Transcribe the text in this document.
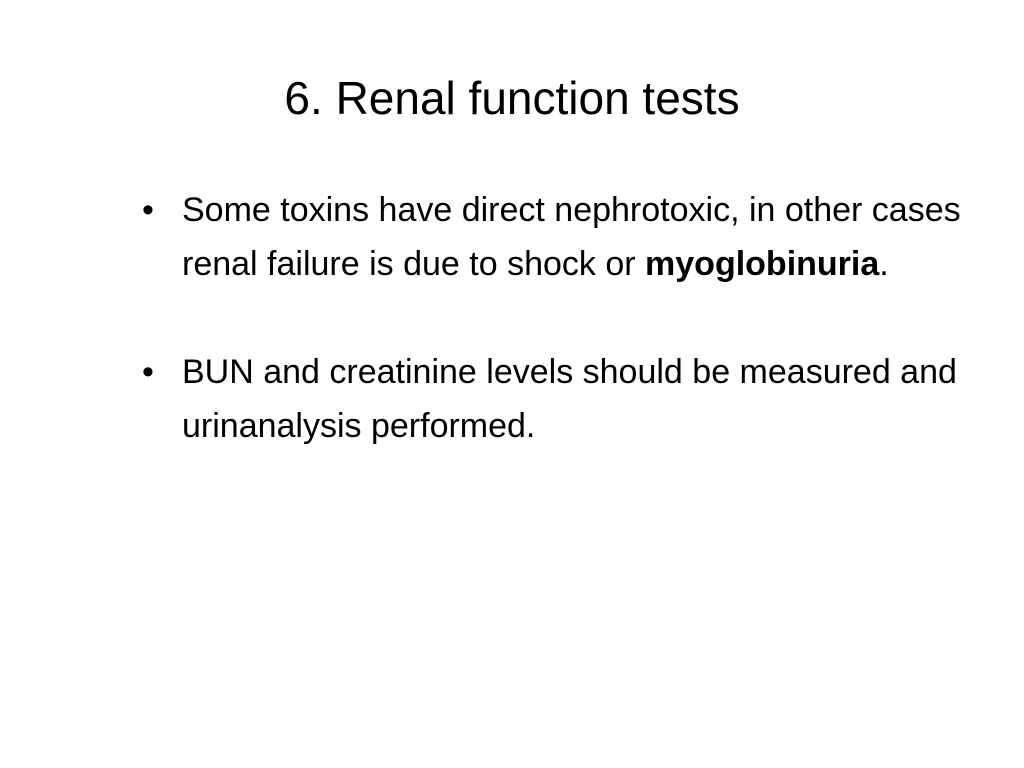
6. Renal function tests
• Some toxins have direct nephrotoxic, in other cases renal failure is due to shock or myoglobinuria.
• BUN and creatinine levels should be measured and urinanalysis performed.
